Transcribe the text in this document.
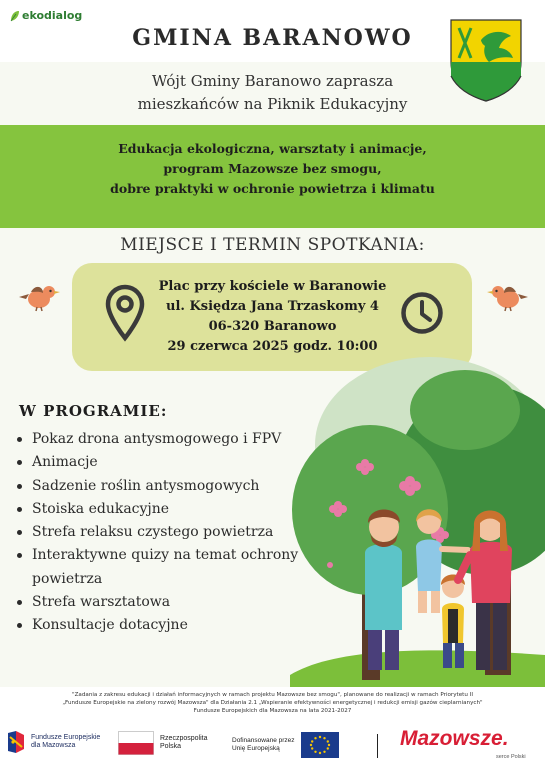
ekodialog
GMINA BARANOWO
Wójt Gminy Baranowo zaprasza
mieszkańców na Piknik Edukacyjny
Edukacja ekologiczna, warsztaty i animacje,
program Mazowsze bez smogu,
dobre praktyki w ochronie powietrza i klimatu
MIEJSCE I TERMIN SPOTKANIA:
Plac przy kościele w Baranowie
ul. Księdza Jana Trzaskomy 4
06-320 Baranowo
29 czerwca 2025 godz. 10:00
W PROGRAMIE:
Pokaz drona antysmogowego i FPV
Animacje
Sadzenie roślin antysmogowych
Stoiska edukacyjne
Strefa relaksu czystego powietrza
Interaktywne quizy na temat ochrony powietrza
Strefa warsztatowa
Konsultacje dotacyjne
"Zadania z zakresu edukacji i działań informacyjnych w ramach projektu Mazowsze bez smogu", planowane do realizacji w ramach Priorytetu II
„Fundusze Europejskie na zielony rozwój Mazowsza" dla Działania 2.1 „Wspieranie efektywności energetycznej i redukcji emisji gazów cieplarnianych"
Fundusze Europejskich dla Mazowsza na lata 2021-2027
Fundusze Europejskie
dla Mazowsza
Rzeczpospolita
Polska
Dofinansowane przez
Unię Europejską	Mazowsze.
serce Polski
